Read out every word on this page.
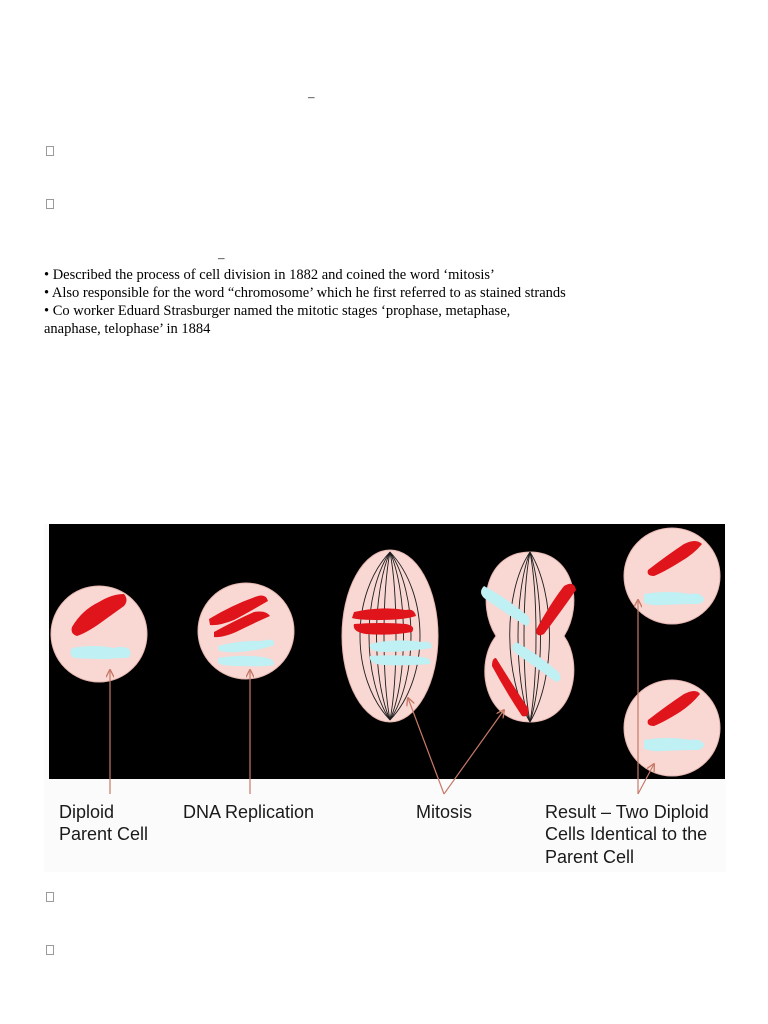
–
–
• Described the process of cell division in 1882 and coined the word ‘mitosis’
• Also responsible for the word “chromosome’ which he first referred to as stained strands
• Co worker Eduard Strasburger named the mitotic stages ‘prophase, metaphase,
anaphase, telophase’ in 1884
Diploid
Parent Cell
DNA Replication	Mitosis	Result – Two Diploid
Cells Identical to the
Parent Cell
